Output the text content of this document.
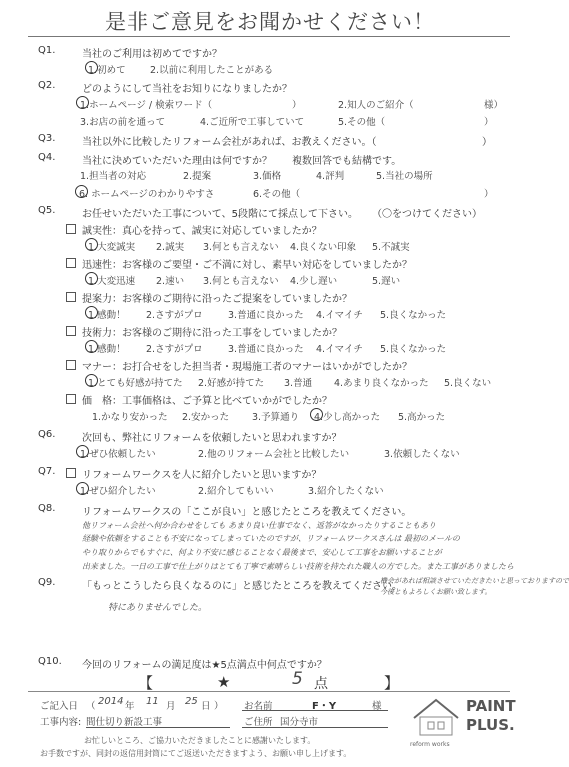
是非ご意見をお聞かせください！
Q1.	当社のご利用は初めてですか？
1.初めて	2.以前に利用したことがある
Q2.	どのようにして当社をお知りになりましたか？
1.ホームページ / 検索ワード（	）	2.知人のご紹介（	様）
3.お店の前を通って	4.ご近所で工事していて	5.その他（	）
Q3.	当社以外に比較したリフォーム会社があれば、お教えください。（	）
Q4.	当社に決めていただいた理由は何ですか？ 複数回答でも結構です。
1.担当者の対応	2.提案	3.価格	4.評判	5.当社の場所
6. ホームページのわかりやすさ	6.その他（	）
Q5.	お任せいただいた工事について、5段階にて採点して下さい。 （〇をつけてください）
誠実性：真心を持って、誠実に対応していましたか？
1.大変誠実 2.誠実 3.何とも言えない 4.良くない印象 5.不誠実
迅速性：お客様のご要望・ご不満に対し、素早い対応をしていましたか？
1.大変迅速 2.速い 3.何とも言えない 4.少し遅い	5.遅い
提案力：お客様のご期待に沿ったご提案をしていましたか？
1.感動！ 2.さすがプロ	3.普通に良かった 4.イマイチ 5.良くなかった
技術力：お客様のご期待に沿った工事をしていましたか？
1.感動！ 2.さすがプロ	3.普通に良かった 4.イマイチ 5.良くなかった
マナー：お打合せをした担当者・現場施工者のマナーはいかがでしたか？
1.とても好感が持てた 2.好感が持てた 3.普通 4.あまり良くなかった 5.良くない
価　格：工事価格は、ご予算と比べていかがでしたか？
1.かなり安かった 2.安かった 3.予算通り 4.少し高かった 5.高かった
Q6.	次回も、弊社にリフォームを依頼したいと思われますか？
1.ぜひ依頼したい	2.他のリフォーム会社と比較したい	3.依頼したくない
Q7.	リフォームワークスを人に紹介したいと思いますか？
1.ぜひ紹介したい	2.紹介してもいい	3.紹介したくない
Q8.	リフォームワークスの「ここが良い」と感じたところを教えてください。
他リフォーム会社へ何か合わせをしても あまり良い仕事でなく、返答がなかったりすることもあり
経験や依頼をすることも不安になってしまっていたのですが、リフォームワークスさんは 最初のメールの
やり取りからでもすぐに、何より不安に感じることなく最後まで、安心して工事をお願いすることが
出来ました。一日の工事で仕上がりはとても丁寧で素晴らしい技術を持たれた職人の方でした。また工事がありましたら
Q9.	「もっとこうしたら良くなるのに」と感じたところを教えてください。
機会があれば相談させていただきたいと思っておりますので
今後ともよろしくお願い致します。
特にありませんでした。
Q10. 今回のリフォームの満足度は★5点満点中何点ですか？
【	★	5 点	】
ご記入日 （ 2014 年 11 月 25 日 ）
工事内容: 間仕切り新設工事
お名前	F・Y	様
ご住所 国分寺市
お忙しいところ、ご協力いただきましたことに感謝いたします。
お手数ですが、同封の返信用封筒にてご返送いただきますよう、お願い申し上げます。
reform works
PAINT
PLUS.
